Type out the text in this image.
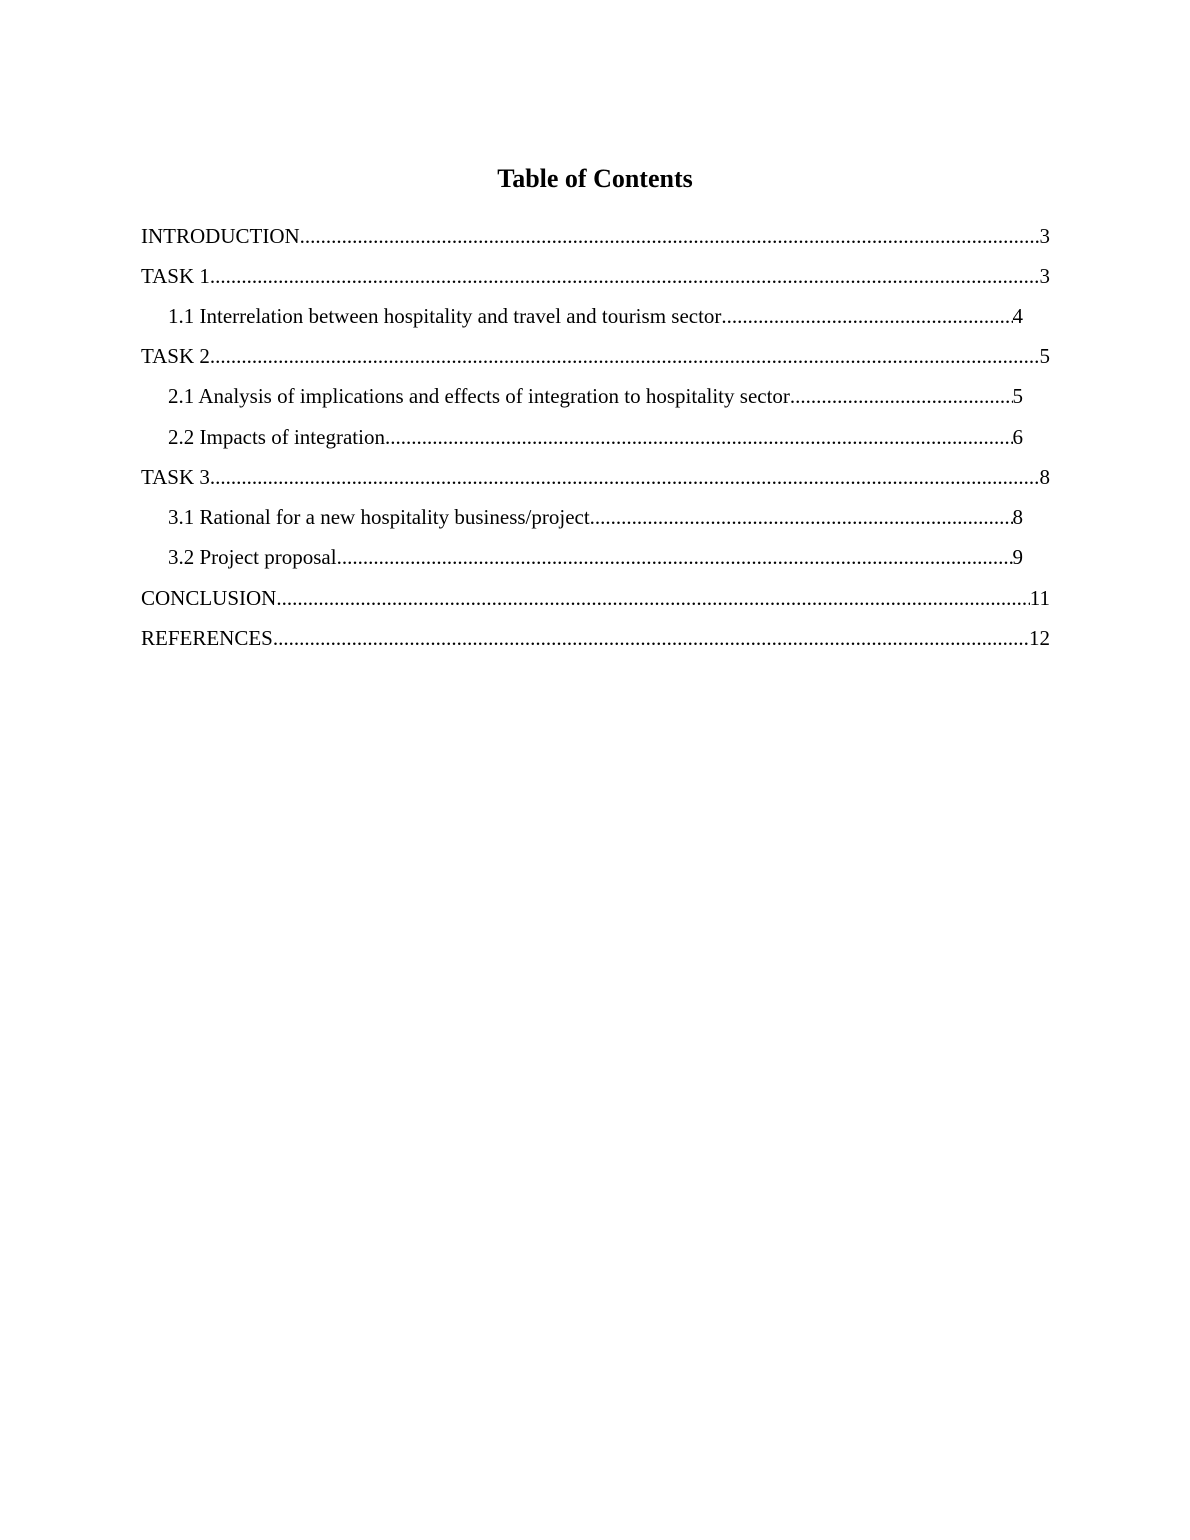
Table of Contents
INTRODUCTION .....	3
TASK 1 .....	3
1.1 Interrelation between hospitality and travel and tourism sector .....	4
TASK 2 .....	5
2.1 Analysis of implications and effects of integration to hospitality sector .....	5
2.2 Impacts of integration .....	6
TASK 3 .....	8
3.1 Rational for a new hospitality business/project .....	8
3.2 Project proposal .....	9
CONCLUSION .....	11
REFERENCES .....	12
